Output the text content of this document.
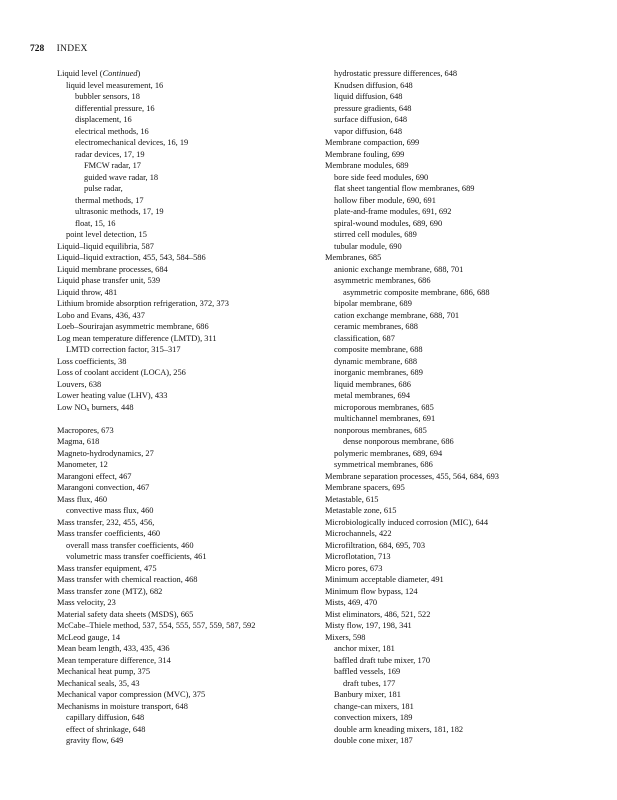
728 INDEX
Liquid level (Continued)
liquid level measurement, 16
bubbler sensors, 18
differential pressure, 16
displacement, 16
electrical methods, 16
electromechanical devices, 16, 19
radar devices, 17, 19
FMCW radar, 17
guided wave radar, 18
pulse radar,
thermal methods, 17
ultrasonic methods, 17, 19
float, 15, 16
point level detection, 15
Liquid–liquid equilibria, 587
Liquid–liquid extraction, 455, 543, 584–586
Liquid membrane processes, 684
Liquid phase transfer unit, 539
Liquid throw, 481
Lithium bromide absorption refrigeration, 372, 373
Lobo and Evans, 436, 437
Loeb–Sourirajan asymmetric membrane, 686
Log mean temperature difference (LMTD), 311
LMTD correction factor, 315–317
Loss coefficients, 38
Loss of coolant accident (LOCA), 256
Louvers, 638
Lower heating value (LHV), 433
Low $NO_x$ burners, 448
Macropores, 673
Magma, 618
Magneto-hydrodynamics, 27
Manometer, 12
Marangoni effect, 467
Marangoni convection, 467
Mass flux, 460
convective mass flux, 460
Mass transfer, 232, 455, 456,
Mass transfer coefficients, 460
overall mass transfer coefficients, 460
volumetric mass transfer coefficients, 461
Mass transfer equipment, 475
Mass transfer with chemical reaction, 468
Mass transfer zone (MTZ), 682
Mass velocity, 23
Material safety data sheets (MSDS), 665
McCabe–Thiele method, 537, 554, 555, 557, 559, 587, 592
McLeod gauge, 14
Mean beam length, 433, 435, 436
Mean temperature difference, 314
Mechanical heat pump, 375
Mechanical seals, 35, 43
Mechanical vapor compression (MVC), 375
Mechanisms in moisture transport, 648
capillary diffusion, 648
effect of shrinkage, 648
gravity flow, 649
hydrostatic pressure differences, 648
Knudsen diffusion, 648
liquid diffusion, 648
pressure gradients, 648
surface diffusion, 648
vapor diffusion, 648
Membrane compaction, 699
Membrane fouling, 699
Membrane modules, 689
bore side feed modules, 690
flat sheet tangential flow membranes, 689
hollow fiber module, 690, 691
plate-and-frame modules, 691, 692
spiral-wound modules, 689, 690
stirred cell modules, 689
tubular module, 690
Membranes, 685
anionic exchange membrane, 688, 701
asymmetric membranes, 686
asymmetric composite membrane, 686, 688
bipolar membrane, 689
cation exchange membrane, 688, 701
ceramic membranes, 688
classification, 687
composite membrane, 688
dynamic membrane, 688
inorganic membranes, 689
liquid membranes, 686
metal membranes, 694
microporous membranes, 685
multichannel membranes, 691
nonporous membranes, 685
dense nonporous membrane, 686
polymeric membranes, 689, 694
symmetrical membranes, 686
Membrane separation processes, 455, 564, 684, 693
Membrane spacers, 695
Metastable, 615
Metastable zone, 615
Microbiologically induced corrosion (MIC), 644
Microchannels, 422
Microfiltration, 684, 695, 703
Microflotation, 713
Micro pores, 673
Minimum acceptable diameter, 491
Minimum flow bypass, 124
Mists, 469, 470
Mist eliminators, 486, 521, 522
Misty flow, 197, 198, 341
Mixers, 598
anchor mixer, 181
baffled draft tube mixer, 170
baffled vessels, 169
draft tubes, 177
Banbury mixer, 181
change-can mixers, 181
convection mixers, 189
double arm kneading mixers, 181, 182
double cone mixer, 187
